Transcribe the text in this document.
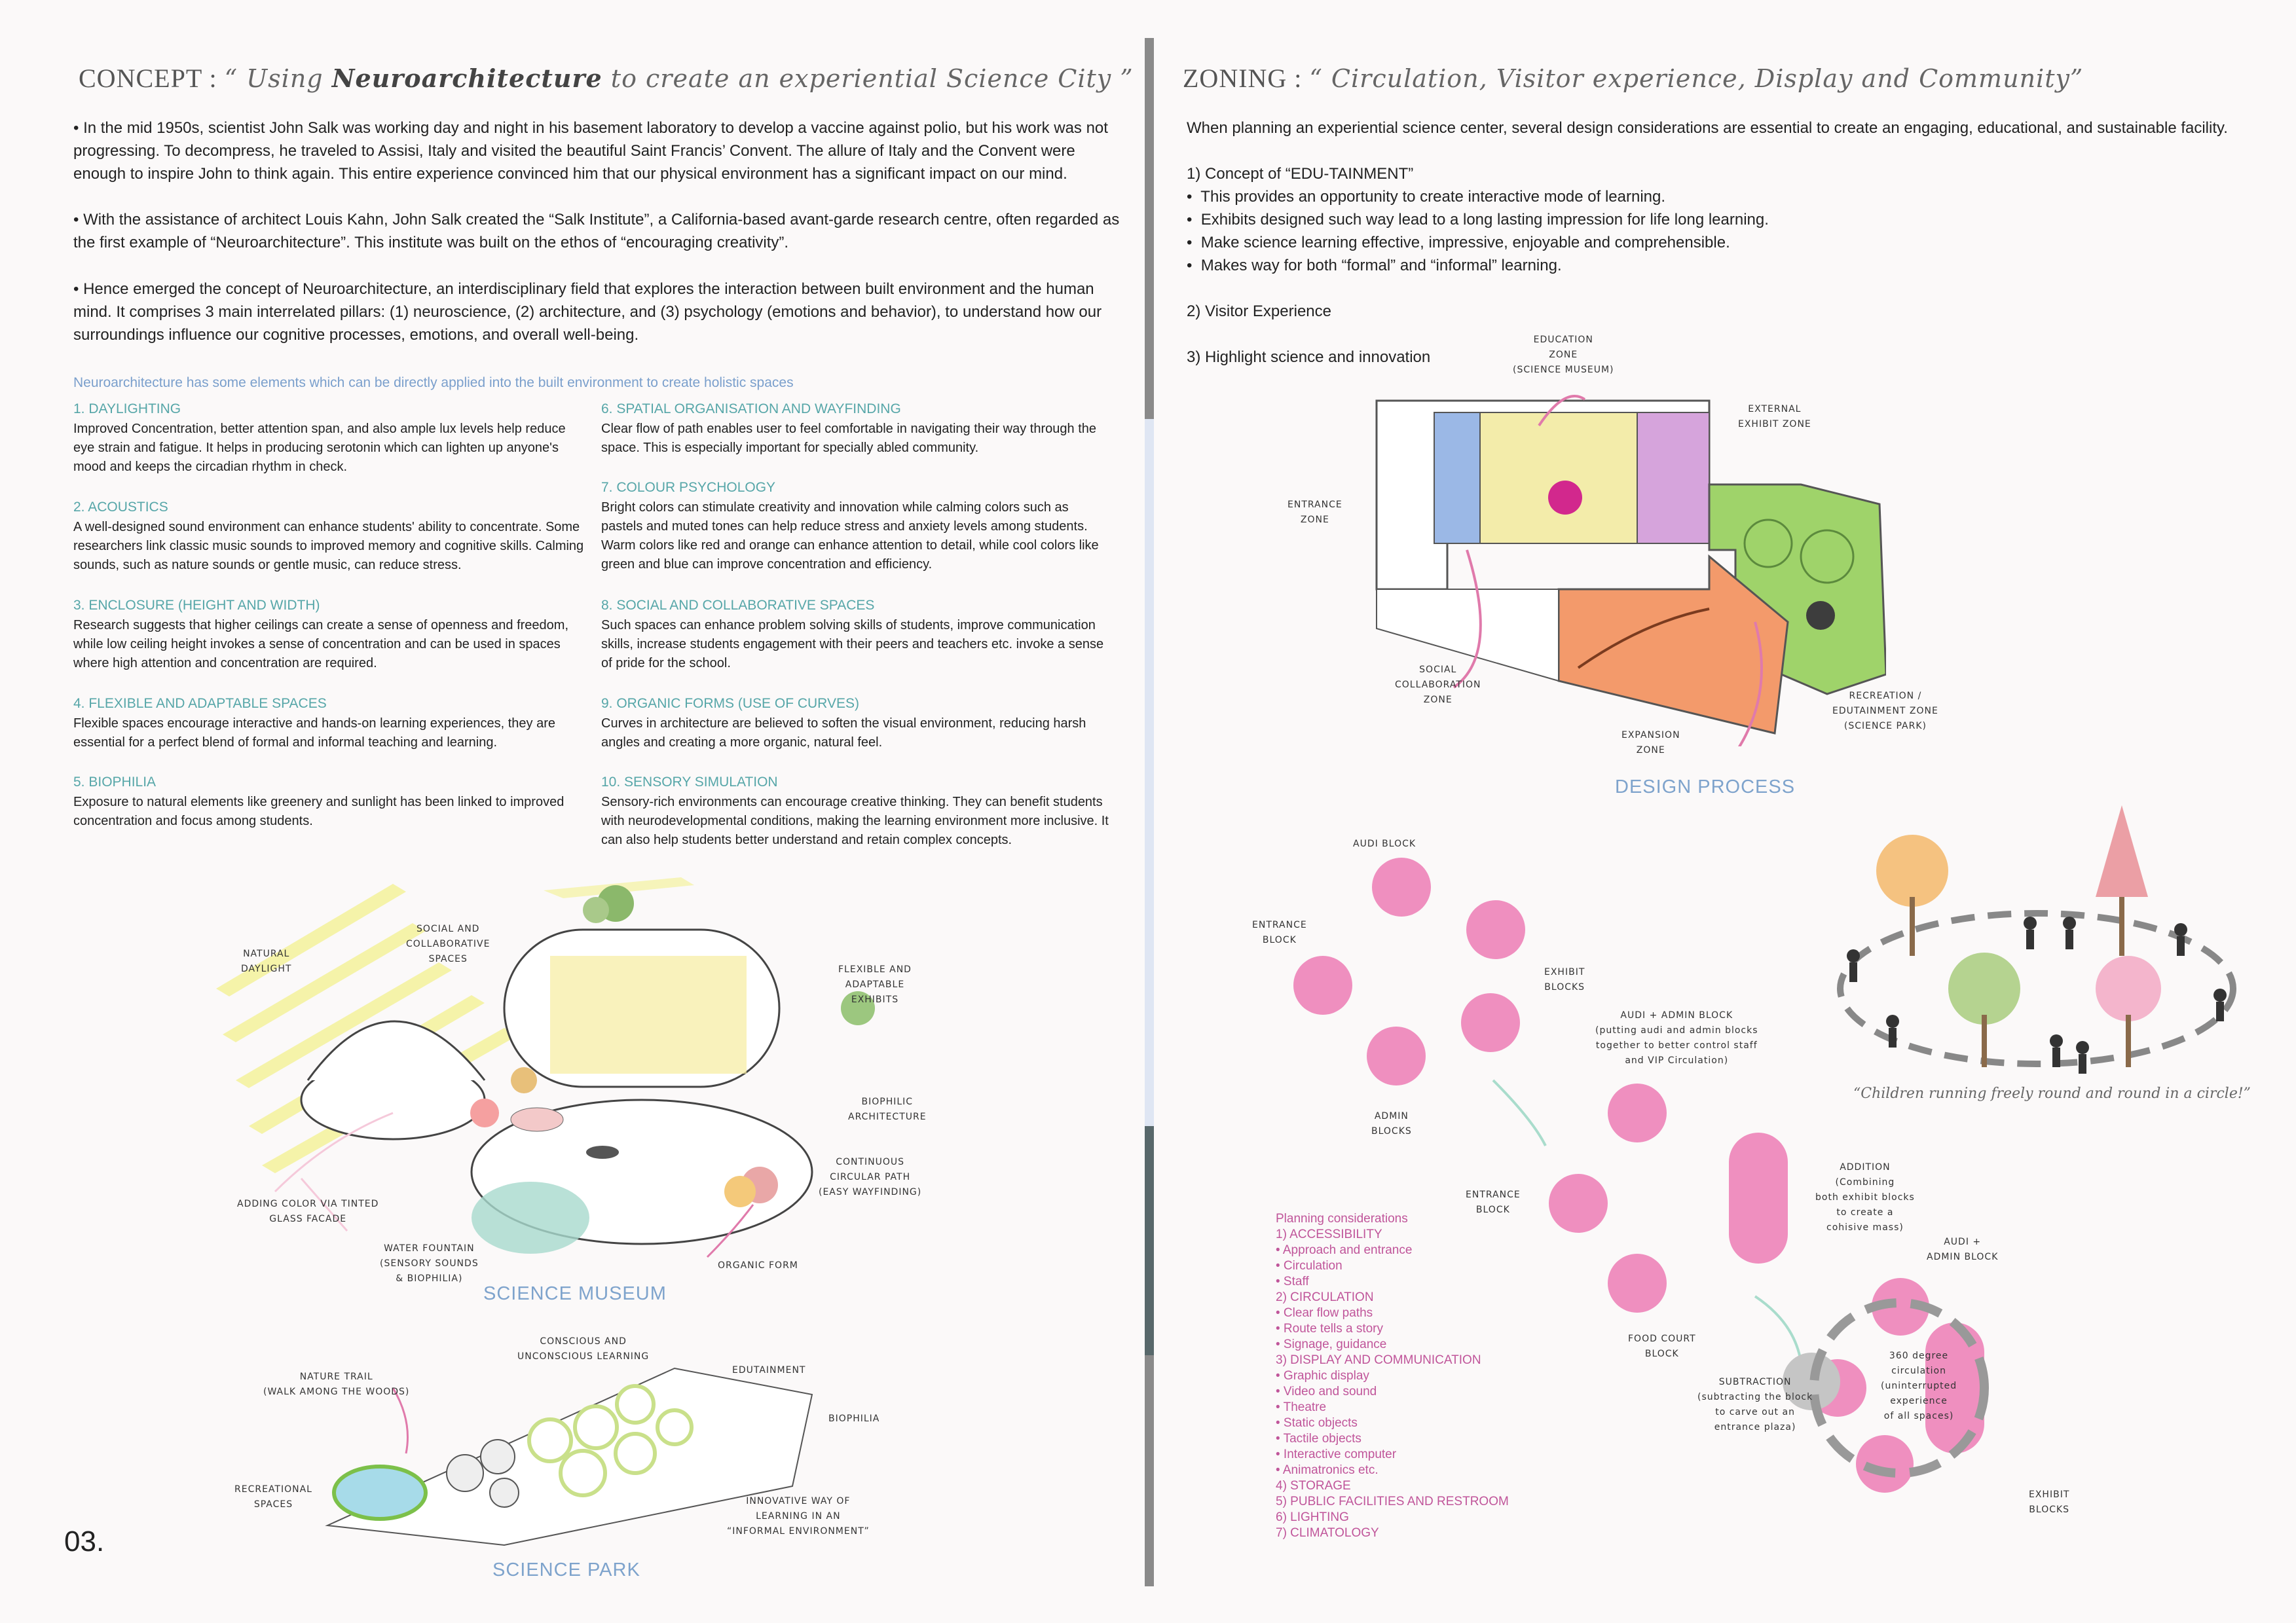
CONCEPT : “ Using Neuroarchitecture to create an experiential Science City ”
• In the mid 1950s, scientist John Salk was working day and night in his basement laboratory to develop a vaccine against polio, but his work was not progressing. To decompress, he traveled to Assisi, Italy and visited the beautiful Saint Francis’ Convent. The allure of Italy and the Convent were enough to inspire John to think again. This entire experience convinced him that our physical environment has a significant impact on our mind.
• With the assistance of architect Louis Kahn, John Salk created the “Salk Institute”, a California-based avant-garde research centre, often regarded as the first example of “Neuroarchitecture”. This institute was built on the ethos of “encouraging creativity”.
• Hence emerged the concept of Neuroarchitecture, an interdisciplinary field that explores the interaction between built environment and the human mind. It comprises 3 main interrelated pillars: (1) neuroscience, (2) architecture, and (3) psychology (emotions and behavior), to understand how our surroundings influence our cognitive processes, emotions, and overall well-being.
Neuroarchitecture has some elements which can be directly applied into the built environment to create holistic spaces
1. DAYLIGHTING

Improved Concentration, better attention span, and also ample lux levels help reduce eye strain and fatigue. It helps in producing serotonin which can lighten up anyone's mood and keeps the circadian rhythm in check.

2. ACOUSTICS

A well-designed sound environment can enhance students' ability to concentrate. Some researchers link classic music sounds to improved memory and cognitive skills. Calming sounds, such as nature sounds or gentle music, can reduce stress.

3. ENCLOSURE (HEIGHT AND WIDTH)

Research suggests that higher ceilings can create a sense of openness and freedom, while low ceiling height invokes a sense of concentration and can be used in spaces where high attention and concentration are required.

4. FLEXIBLE AND ADAPTABLE SPACES

Flexible spaces encourage interactive and hands-on learning experiences, they are essential for a perfect blend of formal and informal teaching and learning.

5. BIOPHILIA

Exposure to natural elements like greenery and sunlight has been linked to improved concentration and focus among students.

6. SPATIAL ORGANISATION AND WAYFINDING

Clear flow of path enables user to feel comfortable in navigating their way through the space. This is especially important for specially abled community.

7. COLOUR PSYCHOLOGY

Bright colors can stimulate creativity and innovation while calming colors such as pastels and muted tones can help reduce stress and anxiety levels among students. Warm colors like red and orange can enhance attention to detail, while cool colors like green and blue can improve concentration and efficiency.

8. SOCIAL AND COLLABORATIVE SPACES

Such spaces can enhance problem solving skills of students, improve communication skills, increase students engagement with their peers and teachers etc. invoke a sense of pride for the school.

9. ORGANIC FORMS (USE OF CURVES)

Curves in architecture are believed to soften the visual environment, reducing harsh angles and creating a more organic, natural feel.

10. SENSORY SIMULATION

Sensory-rich environments can encourage creative thinking. They can benefit students with neurodevelopmental conditions, making the learning environment more inclusive. It can also help students better understand and retain complex concepts.

NATURAL
DAYLIGHT
SOCIAL AND
COLLABORATIVE
SPACES
FLEXIBLE AND
ADAPTABLE
EXHIBITS
BIOPHILIC
ARCHITECTURE
CONTINUOUS
CIRCULAR PATH
(EASY WAYFINDING)
ADDING COLOR VIA TINTED
GLASS FACADE
WATER FOUNTAIN
(SENSORY SOUNDS
& BIOPHILIA)
ORGANIC FORM
SCIENCE MUSEUM
CONSCIOUS AND
UNCONSCIOUS LEARNING
EDUTAINMENT
NATURE TRAIL
(WALK AMONG THE WOODS)
BIOPHILIA
RECREATIONAL
SPACES	INNOVATIVE WAY OF
LEARNING IN AN
“INFORMAL ENVIRONMENT”
SCIENCE PARK
03.
ZONING : “ Circulation, Visitor experience, Display and Community”
When planning an experiential science center, several design considerations are essential to create an engaging, educational, and sustainable facility.
1) Concept of “EDU-TAINMENT”
•  This provides an opportunity to create interactive mode of learning.
•  Exhibits designed such way lead to a long lasting impression for life long learning.
•  Make science learning effective, impressive, enjoyable and comprehensible.
•  Makes way for both “formal” and “informal” learning.

2) Visitor Experience

3) Highlight science and innovation
EDUCATION
ZONE
(SCIENCE MUSEUM)
EXTERNAL
EXHIBIT ZONE
ENTRANCE
ZONE
SOCIAL
COLLABORATION
ZONE
EXPANSION
ZONE
RECREATION /
EDUTAINMENT ZONE
(SCIENCE PARK)
DESIGN PROCESS
AUDI BLOCK
ENTRANCE
BLOCK
EXHIBIT
BLOCKS
ADMIN
BLOCKS
AUDI + ADMIN BLOCK
(putting audi and admin blocks
together to better control staff
and VIP Circulation)
ENTRANCE
BLOCK
ADDITION
(Combining
both exhibit blocks
to create a
cohisive mass)
FOOD COURT
BLOCK
AUDI +
ADMIN BLOCK
SUBTRACTION
(subtracting the block
to carve out an
entrance plaza)
360 degree
circulation
(uninterrupted
experience
of all spaces)
EXHIBIT
BLOCKS
“Children running freely round and round in a circle!”
Planning considerations
1) ACCESSIBILITY
• Approach and entrance
• Circulation
• Staff
2) CIRCULATION
• Clear flow paths
• Route tells a story
• Signage, guidance
3) DISPLAY AND COMMUNICATION
• Graphic display
• Video and sound
• Theatre
• Static objects
• Tactile objects
• Interactive computer
• Animatronics etc.
4) STORAGE
5) PUBLIC FACILITIES AND RESTROOM
6) LIGHTING
7) CLIMATOLOGY
